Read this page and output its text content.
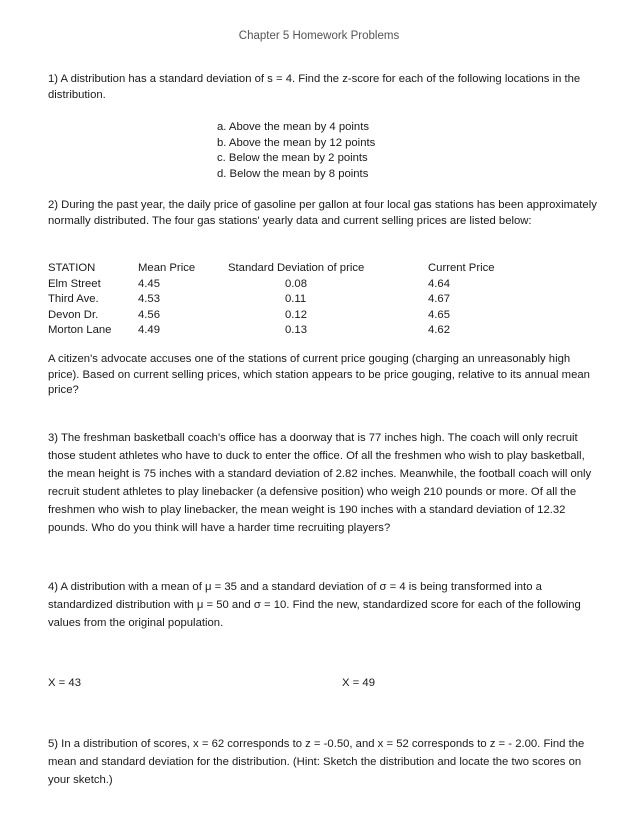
Chapter 5 Homework Problems
1) A distribution has a standard deviation of s = 4. Find the z-score for each of the following locations in the distribution.
a. Above the mean by 4 points
b. Above the mean by 12 points
c. Below the mean by 2 points
d. Below the mean by 8 points
2) During the past year, the daily price of gasoline per gallon at four local gas stations has been approximately normally distributed. The four gas stations' yearly data and current selling prices are listed below:
STATION	Mean Price	Standard Deviation of price	Current Price
Elm Street	4.45	0.08	4.64
Third Ave.	4.53	0.11	4.67
Devon Dr.	4.56	0.12	4.65
Morton Lane	4.49	0.13	4.62
A citizen's advocate accuses one of the stations of current price gouging (charging an unreasonably high price). Based on current selling prices, which station appears to be price gouging, relative to its annual mean price?
3) The freshman basketball coach's office has a doorway that is 77 inches high. The coach will only recruit those student athletes who have to duck to enter the office. Of all the freshmen who wish to play basketball, the mean height is 75 inches with a standard deviation of 2.82 inches. Meanwhile, the football coach will only recruit student athletes to play linebacker (a defensive position) who weigh 210 pounds or more. Of all the freshmen who wish to play linebacker, the mean weight is 190 inches with a standard deviation of 12.32 pounds. Who do you think will have a harder time recruiting players?
4) A distribution with a mean of μ = 35 and a standard deviation of σ = 4 is being transformed into a standardized distribution with μ = 50 and σ = 10. Find the new, standardized score for each of the following values from the original population.
X = 43	X = 49
5) In a distribution of scores, x = 62 corresponds to z = -0.50, and x = 52 corresponds to z = - 2.00. Find the mean and standard deviation for the distribution. (Hint: Sketch the distribution and locate the two scores on your sketch.)
